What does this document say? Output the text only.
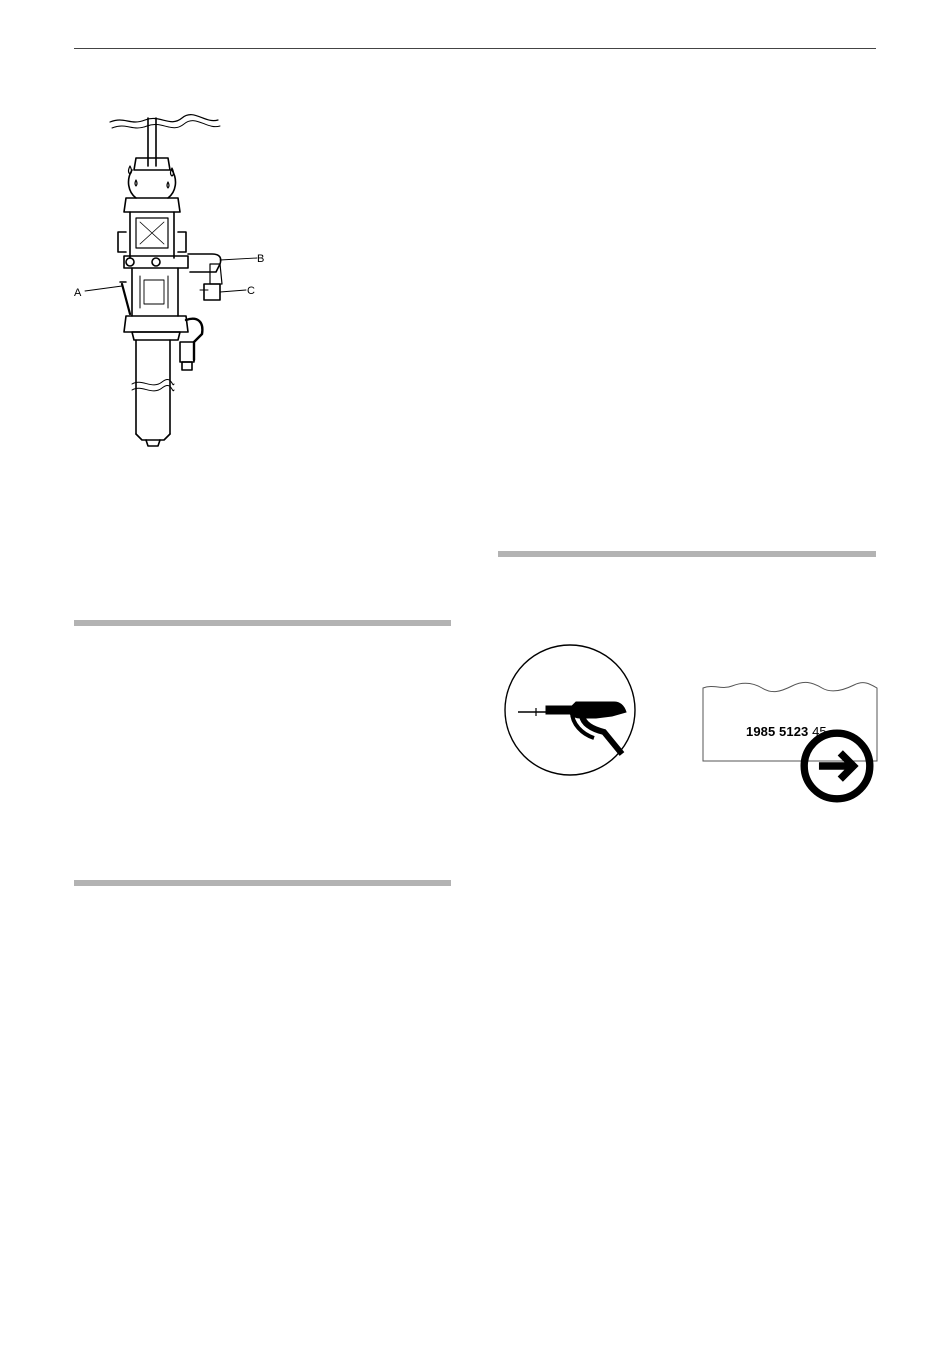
A
B
C
1985 5123 45
